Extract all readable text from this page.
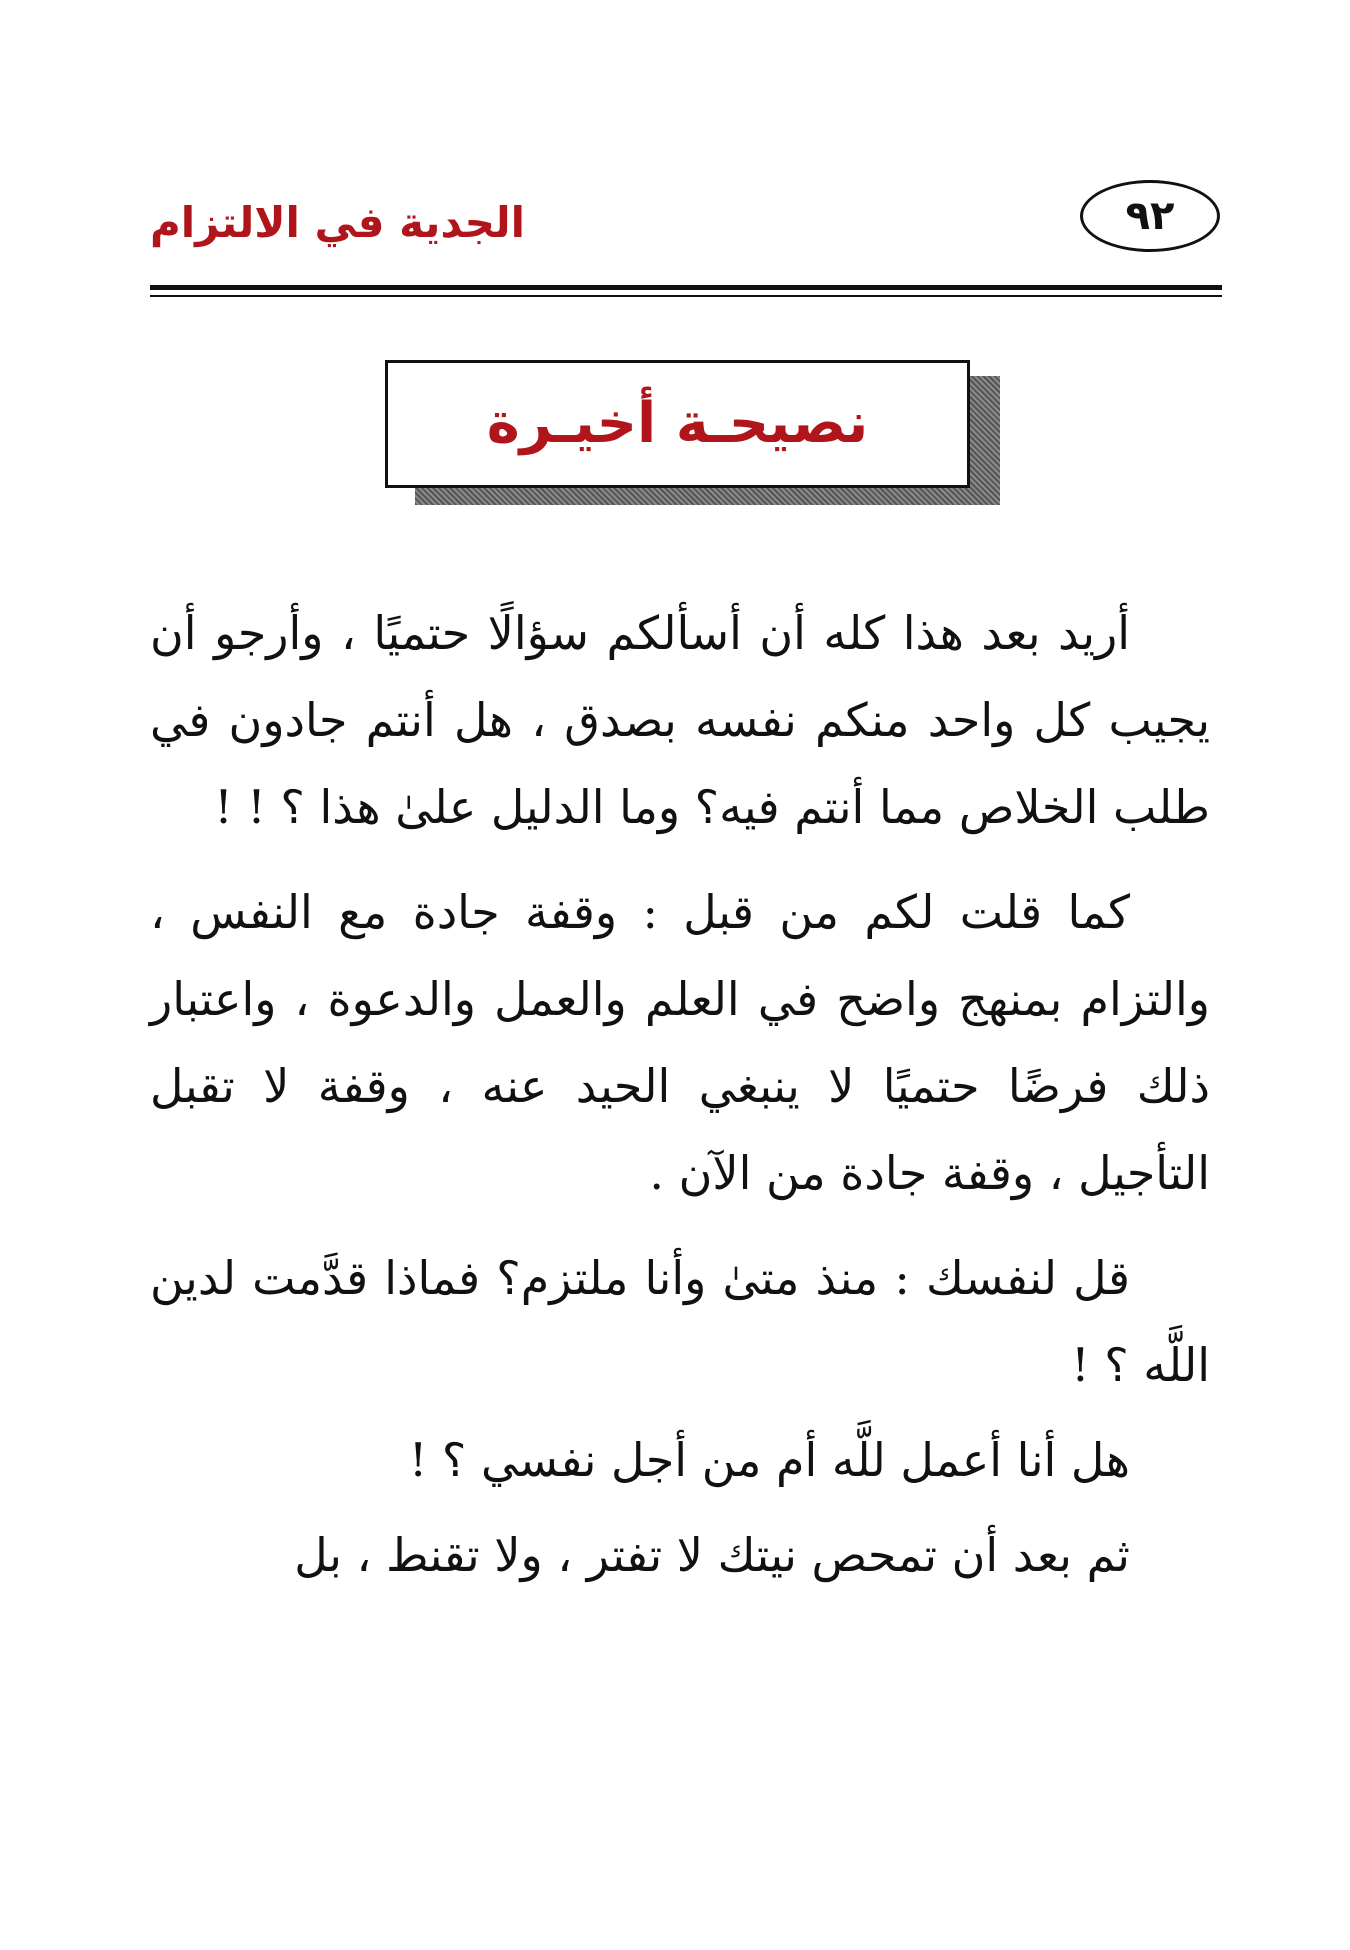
الجدية في الالتزام	٩٢
نصيحـة أخيـرة

أريد بعد هذا كله أن أسألكم سؤالًا حتميًا ، وأرجو أن يجيب كل واحد منكم نفسه بصدق ، هل أنتم جادون في طلب الخلاص مما أنتم فيه؟ وما الدليل علىٰ هذا ؟ ! !

كما قلت لكم من قبل : وقفة جادة مع النفس ، والتزام بمنهج واضح في العلم والعمل والدعوة ، واعتبار ذلك فرضًا حتميًا لا ينبغي الحيد عنه ، وقفة لا تقبل التأجيل ، وقفة جادة من الآن .

قل لنفسك : منذ متىٰ وأنا ملتزم؟ فماذا قدَّمت لدين اللَّه ؟ !

هل أنا أعمل للَّه أم من أجل نفسي ؟ !

ثم بعد أن تمحص نيتك لا تفتر ، ولا تقنط ، بل
